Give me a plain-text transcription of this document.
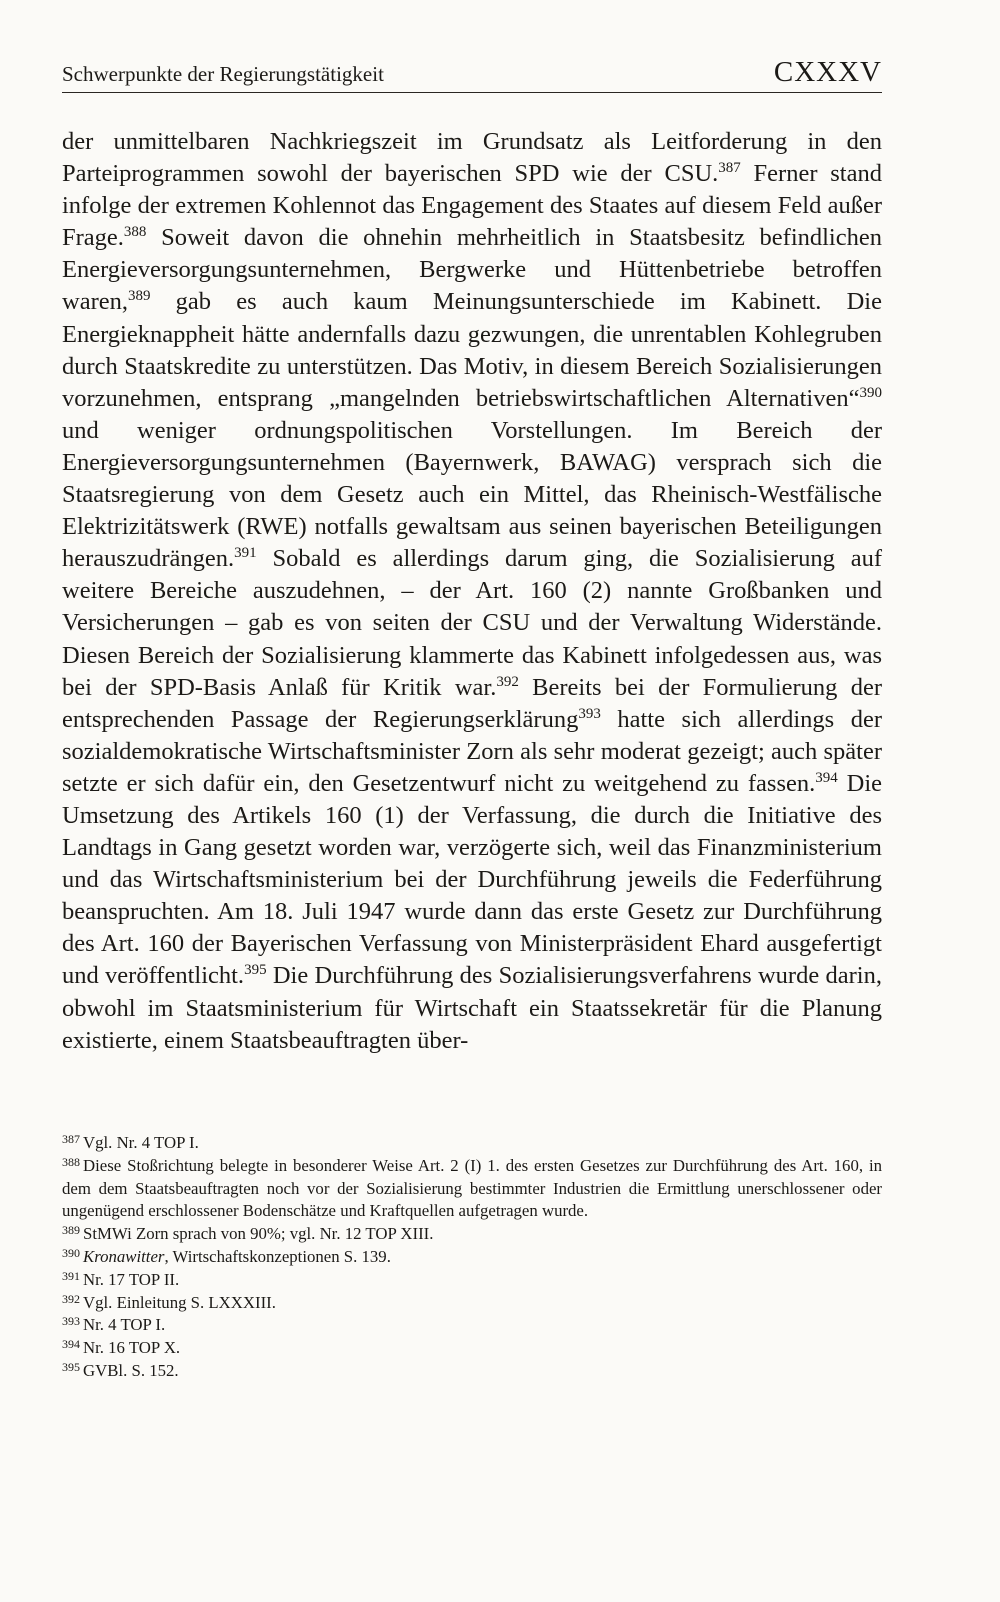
Schwerpunkte der Regierungstätigkeit	CXXXV

der unmittelbaren Nachkriegszeit im Grundsatz als Leitforderung in den Parteiprogrammen sowohl der bayerischen SPD wie der CSU.$^{387}$ Ferner stand infolge der extremen Kohlennot das Engagement des Staates auf diesem Feld außer Frage.$^{388}$ Soweit davon die ohnehin mehrheitlich in Staatsbesitz befindlichen Energieversorgungsunternehmen, Bergwerke und Hüttenbetriebe betroffen waren,$^{389}$ gab es auch kaum Meinungsunterschiede im Kabinett. Die Energieknappheit hätte andernfalls dazu gezwungen, die unrentablen Kohlegruben durch Staatskredite zu unterstützen. Das Motiv, in diesem Bereich Sozialisierungen vorzunehmen, entsprang „mangelnden betriebswirtschaftlichen Alternativen“$^{390}$ und weniger ordnungspolitischen Vorstellungen. Im Bereich der Energieversorgungsunternehmen (Bayernwerk, BAWAG) versprach sich die Staatsregierung von dem Gesetz auch ein Mittel, das Rheinisch-Westfälische Elektrizitätswerk (RWE) notfalls gewaltsam aus seinen bayerischen Beteiligungen herauszudrängen.$^{391}$ Sobald es allerdings darum ging, die Sozialisierung auf weitere Bereiche auszudehnen, – der Art. 160 (2) nannte Großbanken und Versicherungen – gab es von seiten der CSU und der Verwaltung Widerstände. Diesen Bereich der Sozialisierung klammerte das Kabinett infolgedessen aus, was bei der SPD-Basis Anlaß für Kritik war.$^{392}$ Bereits bei der Formulierung der entsprechenden Passage der Regierungserklärung$^{393}$ hatte sich allerdings der sozialdemokratische Wirtschaftsminister Zorn als sehr moderat gezeigt; auch später setzte er sich dafür ein, den Gesetzentwurf nicht zu weitgehend zu fassen.$^{394}$ Die Umsetzung des Artikels 160 (1) der Verfassung, die durch die Initiative des Landtags in Gang gesetzt worden war, verzögerte sich, weil das Finanzministerium und das Wirtschaftsministerium bei der Durchführung jeweils die Federführung beanspruchten. Am 18. Juli 1947 wurde dann das erste Gesetz zur Durchführung des Art. 160 der Bayerischen Verfassung von Ministerpräsident Ehard ausgefertigt und veröffentlicht.$^{395}$ Die Durchführung des Sozialisierungsverfahrens wurde darin, obwohl im Staatsministerium für Wirtschaft ein Staatssekretär für die Planung existierte, einem Staatsbeauftragten über-

$^{387}$ Vgl. Nr. 4 TOP I.

$^{388}$ Diese Stoßrichtung belegte in besonderer Weise Art. 2 (I) 1. des ersten Gesetzes zur Durchführung des Art. 160, in dem dem Staatsbeauftragten noch vor der Sozialisierung bestimmter Industrien die Ermittlung unerschlossener oder ungenügend erschlossener Bodenschätze und Kraftquellen aufgetragen wurde.

$^{389}$ StMWi Zorn sprach von 90%; vgl. Nr. 12 TOP XIII.

$^{390}$ Kronawitter, Wirtschaftskonzeptionen S. 139.

$^{391}$ Nr. 17 TOP II.

$^{392}$ Vgl. Einleitung S. LXXXIII.

$^{393}$ Nr. 4 TOP I.

$^{394}$ Nr. 16 TOP X.

$^{395}$ GVBl. S. 152.
